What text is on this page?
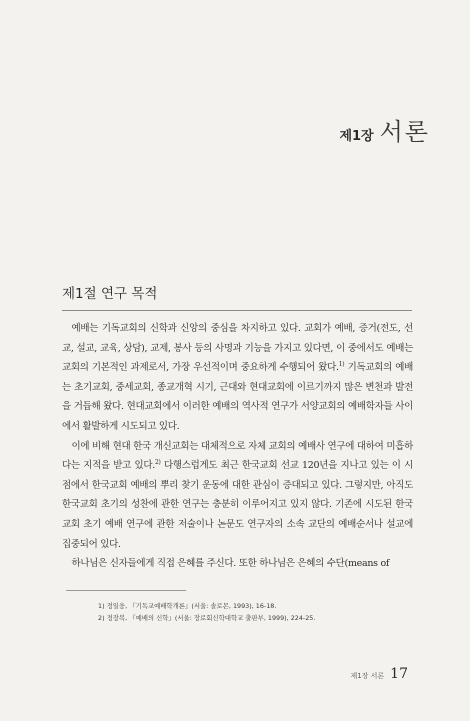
제1장 서론
제1절 연구 목적

예배는 기독교회의 신학과 신앙의 중심을 차지하고 있다. 교회가 예배, 증거(전도, 선교, 설교, 교육, 상담), 교제, 봉사 등의 사명과 기능을 가지고 있다면, 이 중에서도 예배는 교회의 기본적인 과제로서, 가장 우선적이며 중요하게 수행되어 왔다.$^{1)}$ 기독교회의 예배는 초기교회, 중세교회, 종교개혁 시기, 근대와 현대교회에 이르기까지 많은 변천과 발전을 거듭해 왔다. 현대교회에서 이러한 예배의 역사적 연구가 서양교회의 예배학자들 사이에서 활발하게 시도되고 있다.

이에 비해 현대 한국 개신교회는 대체적으로 자체 교회의 예배사 연구에 대하여 미흡하다는 지적을 받고 있다.$^{2)}$ 다행스럽게도 최근 한국교회 선교 120년을 지나고 있는 이 시점에서 한국교회 예배의 뿌리 찾기 운동에 대한 관심이 증대되고 있다. 그렇지만, 아직도 한국교회 초기의 성찬에 관한 연구는 충분히 이루어지고 있지 않다. 기존에 시도된 한국교회 초기 예배 연구에 관한 저술이나 논문도 연구자의 소속 교단의 예배순서나 설교에 집중되어 있다.

하나님은 신자들에게 직접 은혜를 주신다. 또한 하나님은 은혜의 수단(means of

1) 정일웅, 『기독교예배학개론』(서울: 솔로몬, 1993), 16-18.

2) 정장복, 『예배의 신학』(서울: 장로회신학대학교 출판부, 1999), 224-25.

제1장 서론 17
